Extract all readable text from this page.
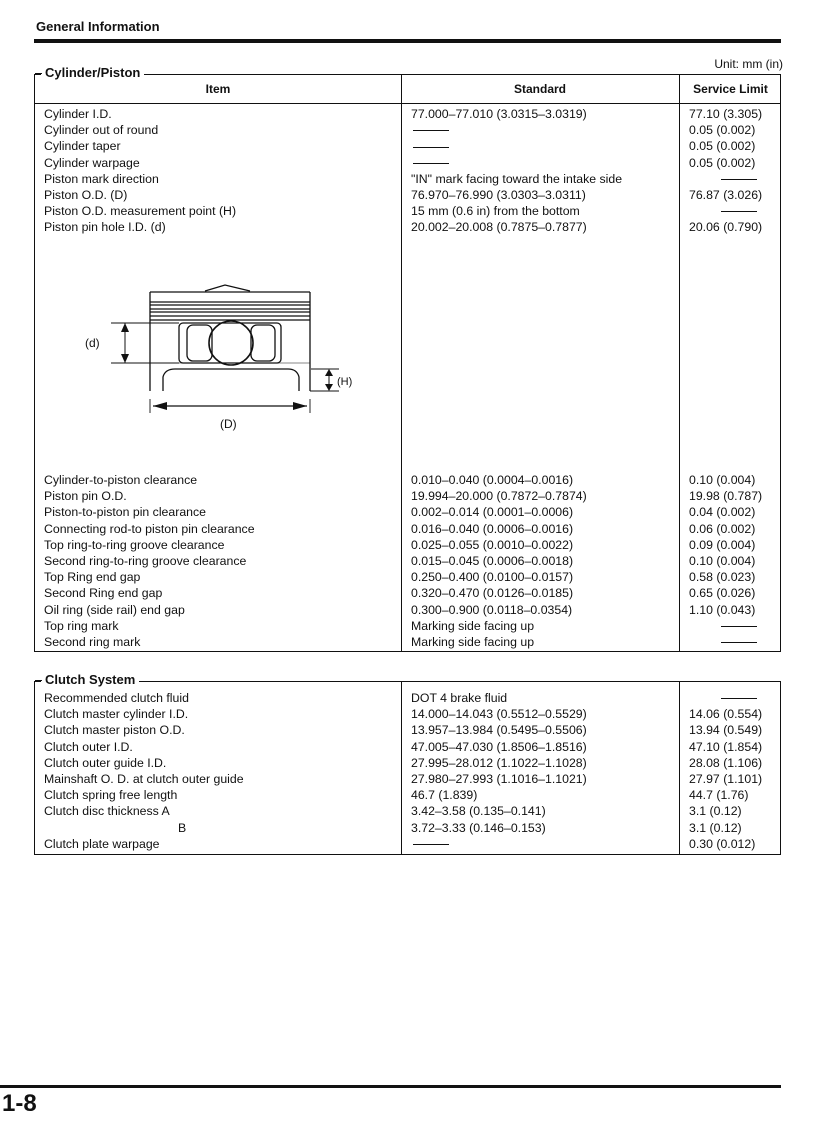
General Information
Unit: mm (in)
Cylinder/Piston
Item	Standard	Service Limit
Cylinder I.D.
Cylinder out of round
Cylinder taper
Cylinder warpage
Piston mark direction
Piston O.D. (D)
Piston O.D. measurement point (H)
Piston pin hole I.D. (d)
77.000–77.010 (3.0315–3.0319)
"IN" mark facing toward the intake side
76.970–76.990 (3.0303–3.0311)
15 mm (0.6 in) from the bottom
20.002–20.008 (0.7875–0.7877)
77.10 (3.305)
0.05 (0.002)
0.05 (0.002)
0.05 (0.002)
76.87 (3.026)
20.06 (0.790)
(d)
(H)
(D)
Cylinder-to-piston clearance
Piston pin O.D.
Piston-to-piston pin clearance
Connecting rod-to piston pin clearance
Top ring-to-ring groove clearance
Second ring-to-ring groove clearance
Top Ring end gap
Second Ring end gap
Oil ring (side rail) end gap
Top ring mark
Second ring mark
0.010–0.040 (0.0004–0.0016)
19.994–20.000 (0.7872–0.7874)
0.002–0.014 (0.0001–0.0006)
0.016–0.040 (0.0006–0.0016)
0.025–0.055 (0.0010–0.0022)
0.015–0.045 (0.0006–0.0018)
0.250–0.400 (0.0100–0.0157)
0.320–0.470 (0.0126–0.0185)
0.300–0.900 (0.0118–0.0354)
Marking side facing up
Marking side facing up
0.10 (0.004)
19.98 (0.787)
0.04 (0.002)
0.06 (0.002)
0.09 (0.004)
0.10 (0.004)
0.58 (0.023)
0.65 (0.026)
1.10 (0.043)
Clutch System
Recommended clutch fluid
Clutch master cylinder I.D.
Clutch master piston O.D.
Clutch outer I.D.
Clutch outer guide I.D.
Mainshaft O. D. at clutch outer guide
Clutch spring free length
Clutch disc thickness A
B
Clutch plate warpage
DOT 4 brake fluid
14.000–14.043 (0.5512–0.5529)
13.957–13.984 (0.5495–0.5506)
47.005–47.030 (1.8506–1.8516)
27.995–28.012 (1.1022–1.1028)
27.980–27.993 (1.1016–1.1021)
46.7 (1.839)
3.42–3.58 (0.135–0.141)
3.72–3.33 (0.146–0.153)
14.06 (0.554)
13.94 (0.549)
47.10 (1.854)
28.08 (1.106)
27.97 (1.101)
44.7 (1.76)
3.1 (0.12)
3.1 (0.12)
0.30 (0.012)
1-8
